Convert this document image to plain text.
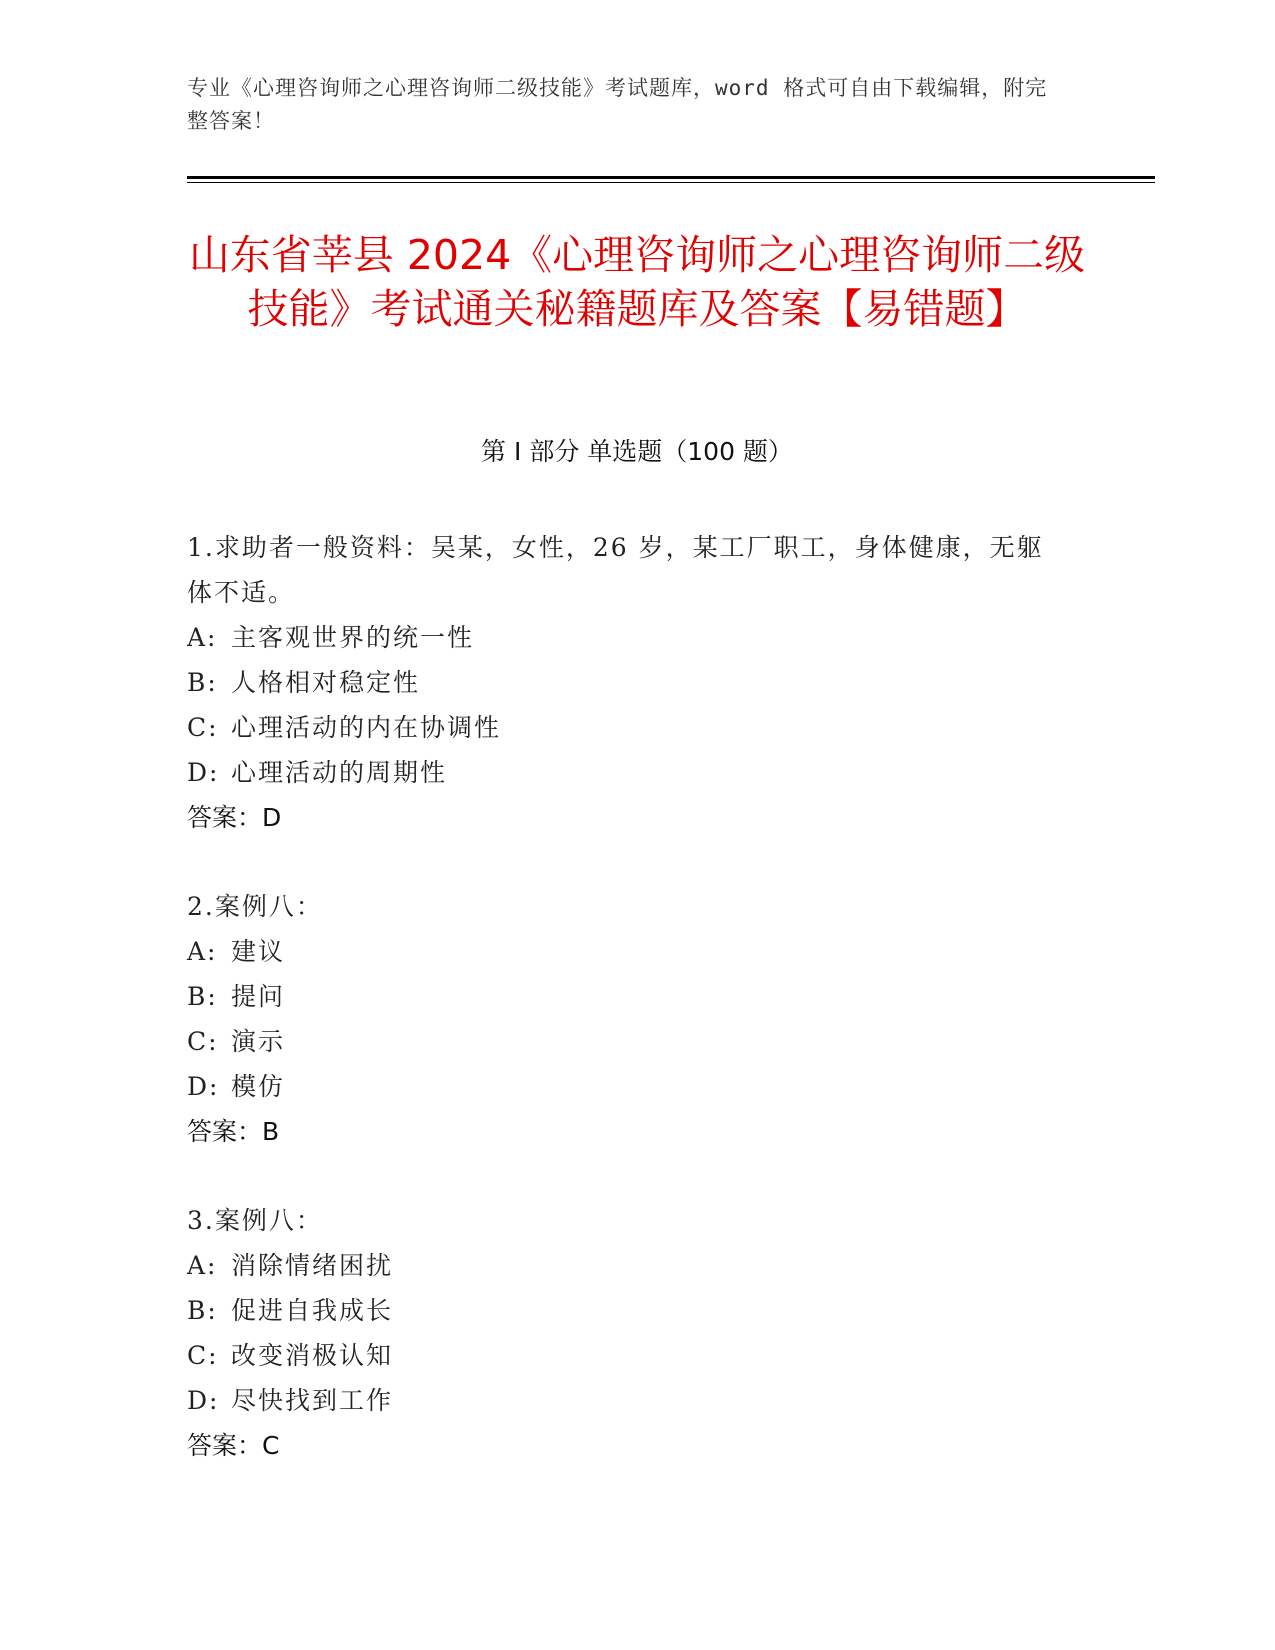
专业《心理咨询师之心理咨询师二级技能》考试题库，word 格式可自由下载编辑，附完整答案！
山东省莘县 2024《心理咨询师之心理咨询师二级技能》考试通关秘籍题库及答案【易错题】
第 I 部分 单选题（100 题）

1.求助者一般资料：吴某，女性，26 岁，某工厂职工，身体健康，无躯体不适。

A: 主客观世界的统一性

B: 人格相对稳定性

C: 心理活动的内在协调性

D: 心理活动的周期性

答案：D

2.案例八：

A: 建议

B: 提问

C: 演示

D: 模仿

答案：B

3.案例八：

A: 消除情绪困扰

B: 促进自我成长

C: 改变消极认知

D: 尽快找到工作

答案：C
